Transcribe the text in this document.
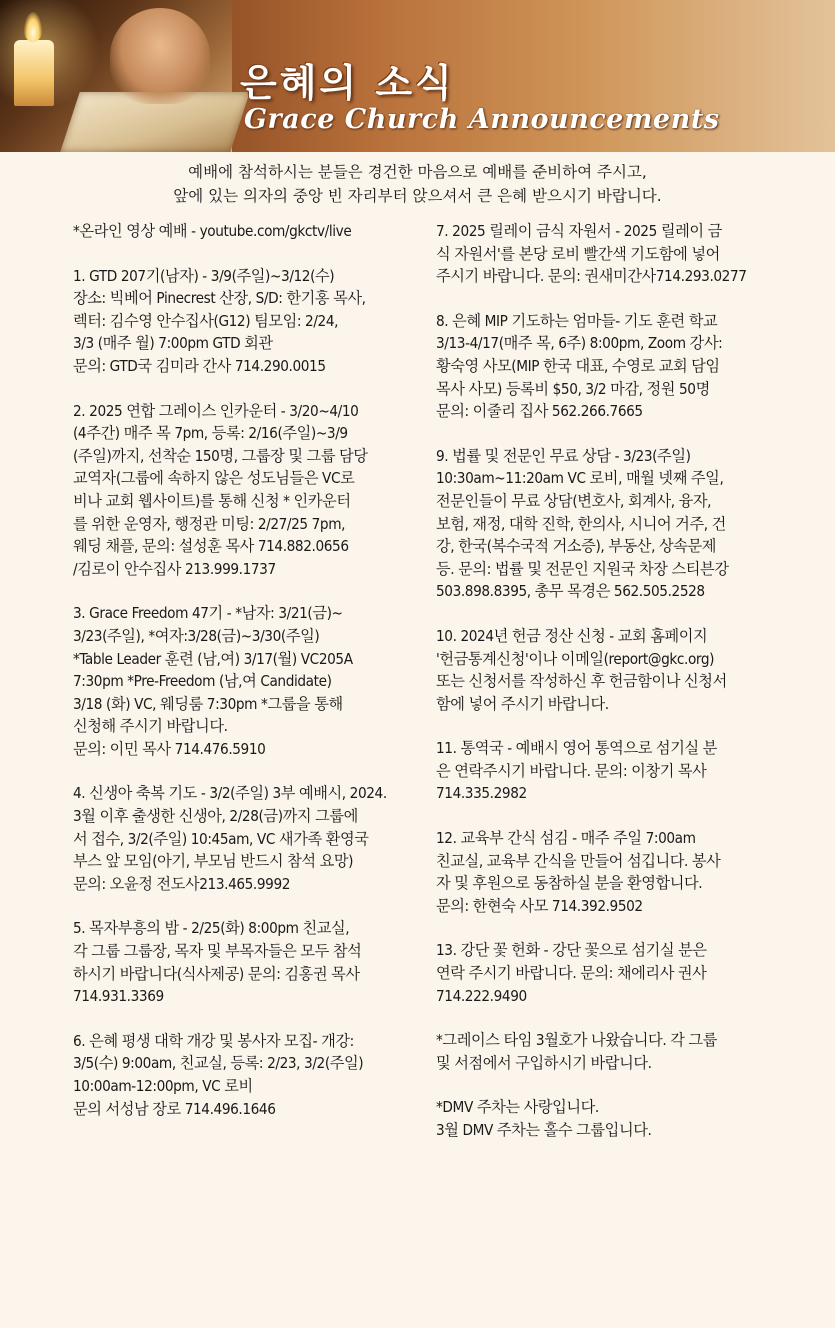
은혜의 소식
Grace Church Announcements
예배에 참석하시는 분들은 경건한 마음으로 예배를 준비하여 주시고,
앞에 있는 의자의 중앙 빈 자리부터 앉으셔서 큰 은혜 받으시기 바랍니다.
*온라인 영상 예배 - youtube.com/gkctv/live
1. GTD 207기(남자) - 3/9(주일)~3/12(수)
장소: 빅베어 Pinecrest 산장, S/D: 한기홍 목사,
렉터: 김수영 안수집사(G12) 팀모임: 2/24,
3/3 (매주 월) 7:00pm GTD 회관
문의: GTD국 김미라 간사 714.290.0015
2. 2025 연합 그레이스 인카운터 - 3/20~4/10
(4주간) 매주 목 7pm, 등록: 2/16(주일)~3/9
(주일)까지, 선착순 150명, 그룹장 및 그룹 담당
교역자(그룹에 속하지 않은 성도님들은 VC로
비나 교회 웹사이트)를 통해 신청 * 인카운터
를 위한 운영자, 행정관 미팅: 2/27/25 7pm,
웨딩 채플, 문의: 설성훈 목사 714.882.0656
/김로이 안수집사 213.999.1737
3. Grace Freedom 47기 - *남자: 3/21(금)~
3/23(주일), *여자:3/28(금)~3/30(주일)
*Table Leader 훈련 (남,여) 3/17(월) VC205A
7:30pm *Pre-Freedom (남,여 Candidate)
3/18 (화) VC, 웨딩룸 7:30pm *그룹을 통해
신청해 주시기 바랍니다.
문의: 이민 목사 714.476.5910
4. 신생아 축복 기도 - 3/2(주일) 3부 예배시, 2024.
3월 이후 출생한 신생아, 2/28(금)까지 그룹에
서 접수, 3/2(주일) 10:45am, VC 새가족 환영국
부스 앞 모임(아기, 부모님 반드시 참석 요망)
문의: 오윤정 전도사213.465.9992
5. 목자부흥의 밤 - 2/25(화) 8:00pm 친교실,
각 그룹 그룹장, 목자 및 부목자들은 모두 참석
하시기 바랍니다(식사제공) 문의: 김홍권 목사
714.931.3369
6. 은혜 평생 대학 개강 및 봉사자 모집- 개강:
3/5(수) 9:00am, 친교실, 등록: 2/23, 3/2(주일)
10:00am-12:00pm, VC 로비
문의 서성남 장로 714.496.1646
7. 2025 릴레이 금식 자원서 - 2025 릴레이 금
식 자원서'를 본당 로비 빨간색 기도함에 넣어
주시기 바랍니다. 문의: 권새미간사714.293.0277
8. 은혜 MIP 기도하는 엄마들- 기도 훈련 학교
3/13-4/17(매주 목, 6주) 8:00pm, Zoom 강사:
황숙영 사모(MIP 한국 대표, 수영로 교회 담임
목사 사모) 등록비 $50, 3/2 마감, 정원 50명
문의: 이줄리 집사 562.266.7665
9. 법률 및 전문인 무료 상담 - 3/23(주일)
10:30am~11:20am VC 로비, 매월 넷째 주일,
전문인들이 무료 상담(변호사, 회계사, 융자,
보험, 재정, 대학 진학, 한의사, 시니어 거주, 건
강, 한국(복수국적 거소증), 부동산, 상속문제
등. 문의: 법률 및 전문인 지원국 차장 스티븐강
503.898.8395, 총무 목경은 562.505.2528
10. 2024년 헌금 정산 신청 - 교회 홈페이지
'헌금통계신청'이나 이메일(report@gkc.org)
또는 신청서를 작성하신 후 헌금함이나 신청서
함에 넣어 주시기 바랍니다.
11. 통역국 - 예배시 영어 통역으로 섬기실 분
은 연락주시기 바랍니다. 문의: 이창기 목사
714.335.2982
12. 교육부 간식 섬김 - 매주 주일 7:00am
친교실, 교육부 간식을 만들어 섬깁니다. 봉사
자 및 후원으로 동참하실 분을 환영합니다.
문의: 한현숙 사모 714.392.9502
13. 강단 꽃 헌화 - 강단 꽃으로 섬기실 분은
연락 주시기 바랍니다. 문의: 채에리사 권사
714.222.9490
*그레이스 타임 3월호가 나왔습니다. 각 그룹
및 서점에서 구입하시기 바랍니다.
*DMV 주차는 사랑입니다.
3월 DMV 주차는 홀수 그룹입니다.
